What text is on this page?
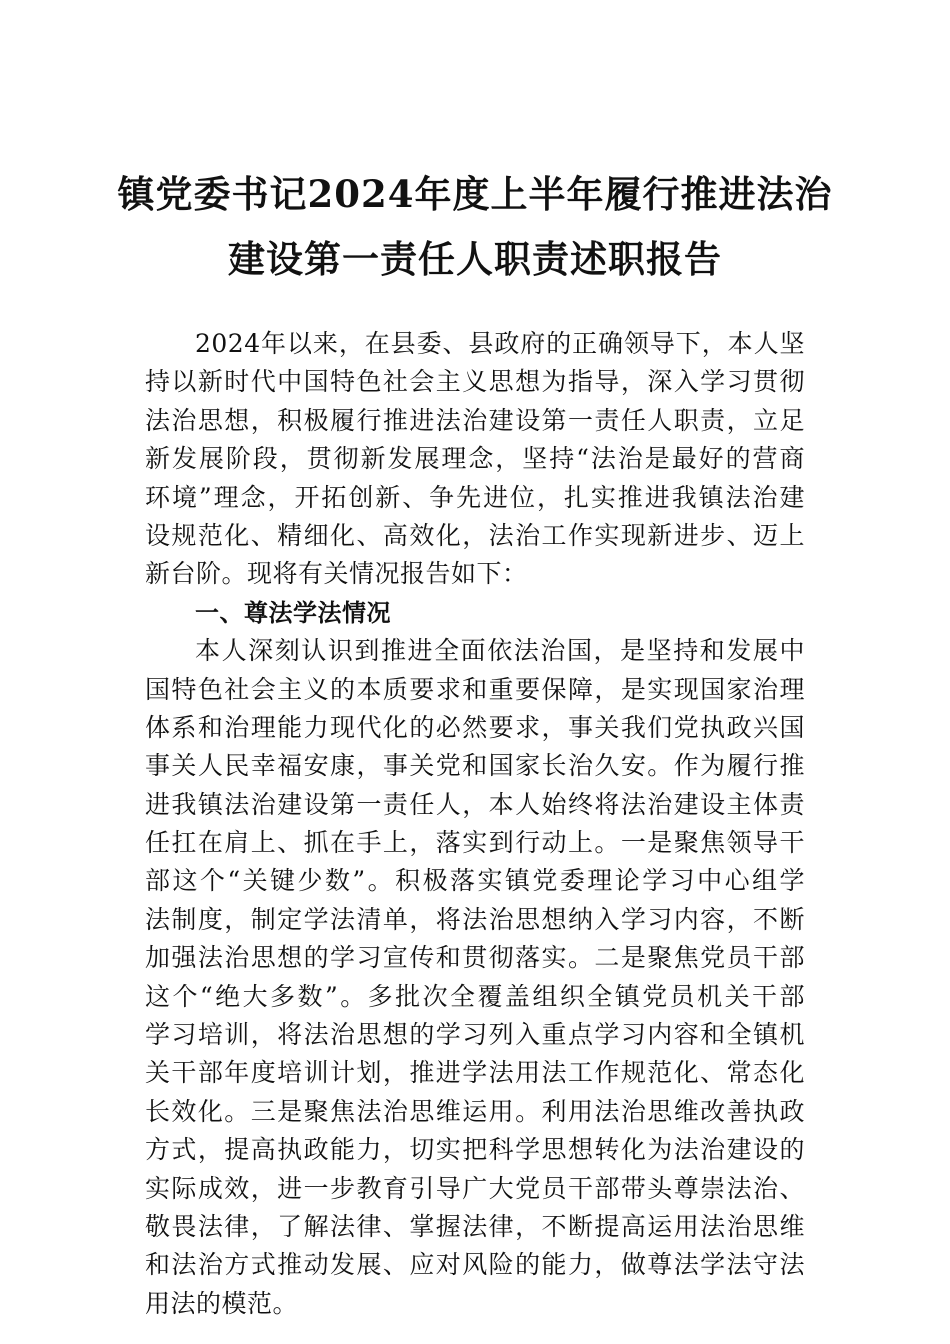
镇党委书记2024年度上半年履行推进法治
建设第一责任人职责述职报告
2024年以来，在县委、县政府的正确领导下，本人坚
持以新时代中国特色社会主义思想为指导，深入学习贯彻
法治思想，积极履行推进法治建设第一责任人职责，立足
新发展阶段，贯彻新发展理念，坚持“法治是最好的营商
环境”理念，开拓创新、争先进位，扎实推进我镇法治建
设规范化、精细化、高效化，法治工作实现新进步、迈上
新台阶。现将有关情况报告如下：
一、尊法学法情况
本人深刻认识到推进全面依法治国，是坚持和发展中
国特色社会主义的本质要求和重要保障，是实现国家治理
体系和治理能力现代化的必然要求，事关我们党执政兴国
事关人民幸福安康，事关党和国家长治久安。作为履行推
进我镇法治建设第一责任人，本人始终将法治建设主体责
任扛在肩上、抓在手上，落实到行动上。一是聚焦领导干
部这个“关键少数”。积极落实镇党委理论学习中心组学
法制度，制定学法清单，将法治思想纳入学习内容，不断
加强法治思想的学习宣传和贯彻落实。二是聚焦党员干部
这个“绝大多数”。多批次全覆盖组织全镇党员机关干部
学习培训，将法治思想的学习列入重点学习内容和全镇机
关干部年度培训计划，推进学法用法工作规范化、常态化
长效化。三是聚焦法治思维运用。利用法治思维改善执政
方式，提高执政能力，切实把科学思想转化为法治建设的
实际成效，进一步教育引导广大党员干部带头尊崇法治、
敬畏法律，了解法律、掌握法律，不断提高运用法治思维
和法治方式推动发展、应对风险的能力，做尊法学法守法
用法的模范。
